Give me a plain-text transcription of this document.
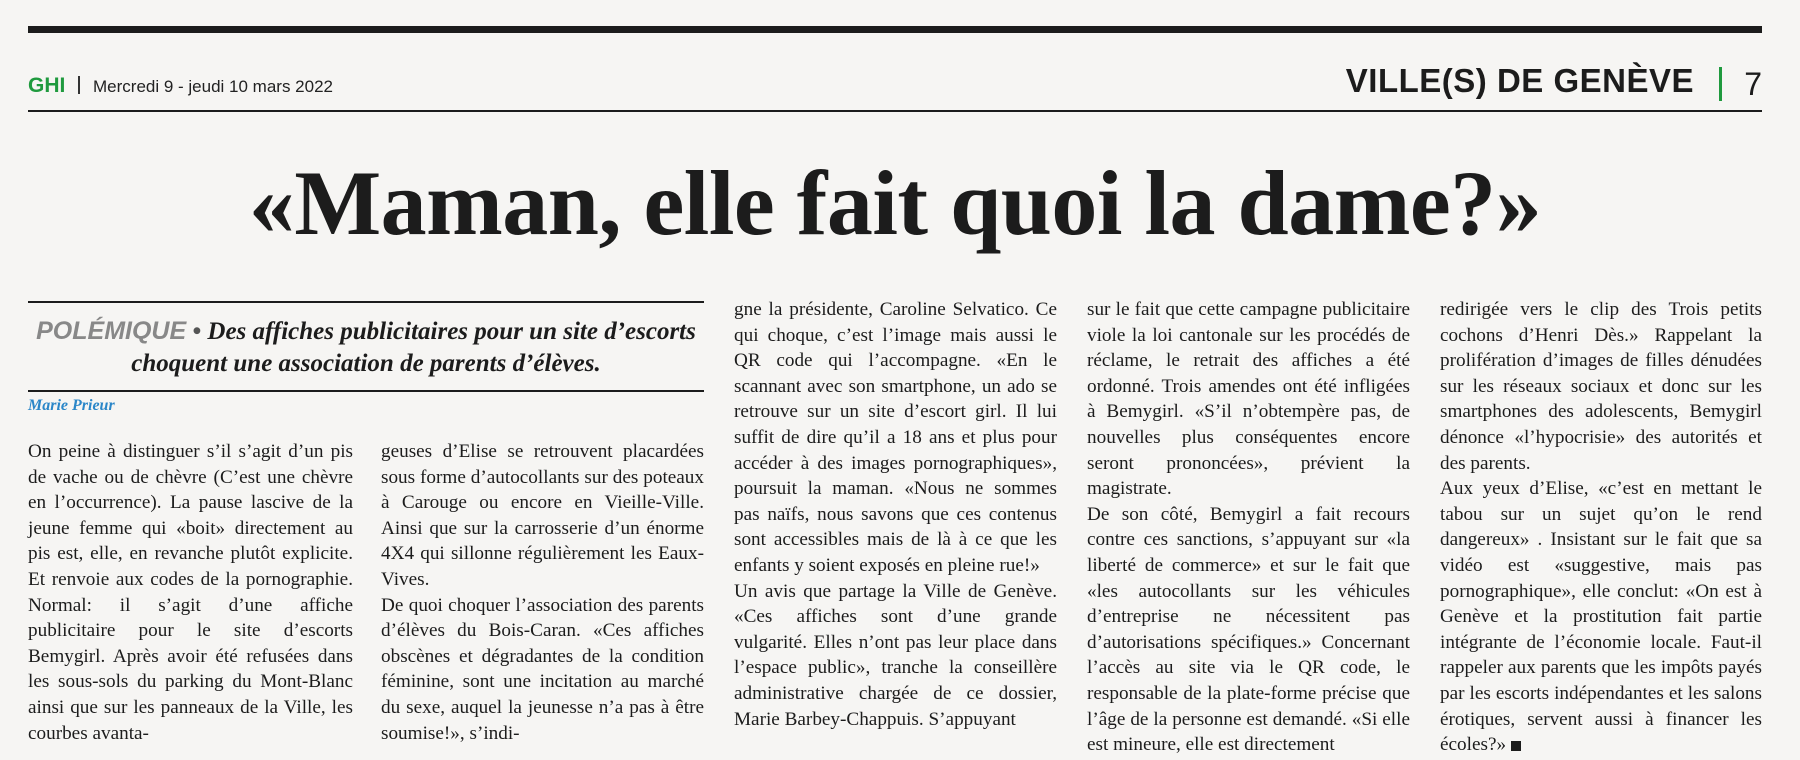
GHI Mercredi 9 - jeudi 10 mars 2022	VILLE(S) DE GENÈVE 7
«Maman, elle fait quoi la dame?»
POLÉMIQUE • Des affiches publicitaires pour un site d’escorts choquent une association de parents d’élèves.
Marie Prieur

On peine à distinguer s’il s’agit d’un pis de vache ou de chèvre (C’est une chèvre en l’occurrence). La pause lascive de la jeune femme qui «boit» directement au pis est, elle, en revanche plutôt explicite. Et renvoie aux codes de la pornographie. Normal: il s’agit d’une affiche publicitaire pour le site d’escorts Bemygirl. Après avoir été refusées dans les sous-sols du parking du Mont-Blanc ainsi que sur les panneaux de la Ville, les courbes avanta-

geuses d’Elise se retrouvent placardées sous forme d’autocollants sur des poteaux à Carouge ou encore en Vieille-Ville. Ainsi que sur la carrosserie d’un énorme 4X4 qui sillonne régulièrement les Eaux-Vives.

De quoi choquer l’association des parents d’élèves du Bois-Caran. «Ces affiches obscènes et dégradantes de la condition féminine, sont une incitation au marché du sexe, auquel la jeunesse n’a pas à être soumise!», s’indi-

gne la présidente, Caroline Selvatico. Ce qui choque, c’est l’image mais aussi le QR code qui l’accompagne. «En le scannant avec son smartphone, un ado se retrouve sur un site d’escort girl. Il lui suffit de dire qu’il a 18 ans et plus pour accéder à des images pornographiques», poursuit la maman. «Nous ne sommes pas naïfs, nous savons que ces contenus sont accessibles mais de là à ce que les enfants y soient exposés en pleine rue!»

Un avis que partage la Ville de Genève. «Ces affiches sont d’une grande vulgarité. Elles n’ont pas leur place dans l’espace public», tranche la conseillère administrative chargée de ce dossier, Marie Barbey-Chappuis. S’appuyant

sur le fait que cette campagne publicitaire viole la loi cantonale sur les procédés de réclame, le retrait des affiches a été ordonné. Trois amendes ont été infligées à Bemygirl. «S’il n’obtempère pas, de nouvelles plus conséquentes encore seront prononcées», prévient la magistrate.

De son côté, Bemygirl a fait recours contre ces sanctions, s’appuyant sur «la liberté de commerce» et sur le fait que «les autocollants sur les véhicules d’entreprise ne nécessitent pas d’autorisations spécifiques.» Concernant l’accès au site via le QR code, le responsable de la plate-forme précise que l’âge de la personne est demandé. «Si elle est mineure, elle est directement

redirigée vers le clip des Trois petits cochons d’Henri Dès.» Rappelant la prolifération d’images de filles dénudées sur les réseaux sociaux et donc sur les smartphones des adolescents, Bemygirl dénonce «l’hypocrisie» des autorités et des parents.

Aux yeux d’Elise, «c’est en mettant le tabou sur un sujet qu’on le rend dangereux» . Insistant sur le fait que sa vidéo est «suggestive, mais pas pornographique», elle conclut: «On est à Genève et la prostitution fait partie intégrante de l’économie locale. Faut-il rappeler aux parents que les impôts payés par les escorts indépendantes et les salons érotiques, servent aussi à financer les écoles?»
